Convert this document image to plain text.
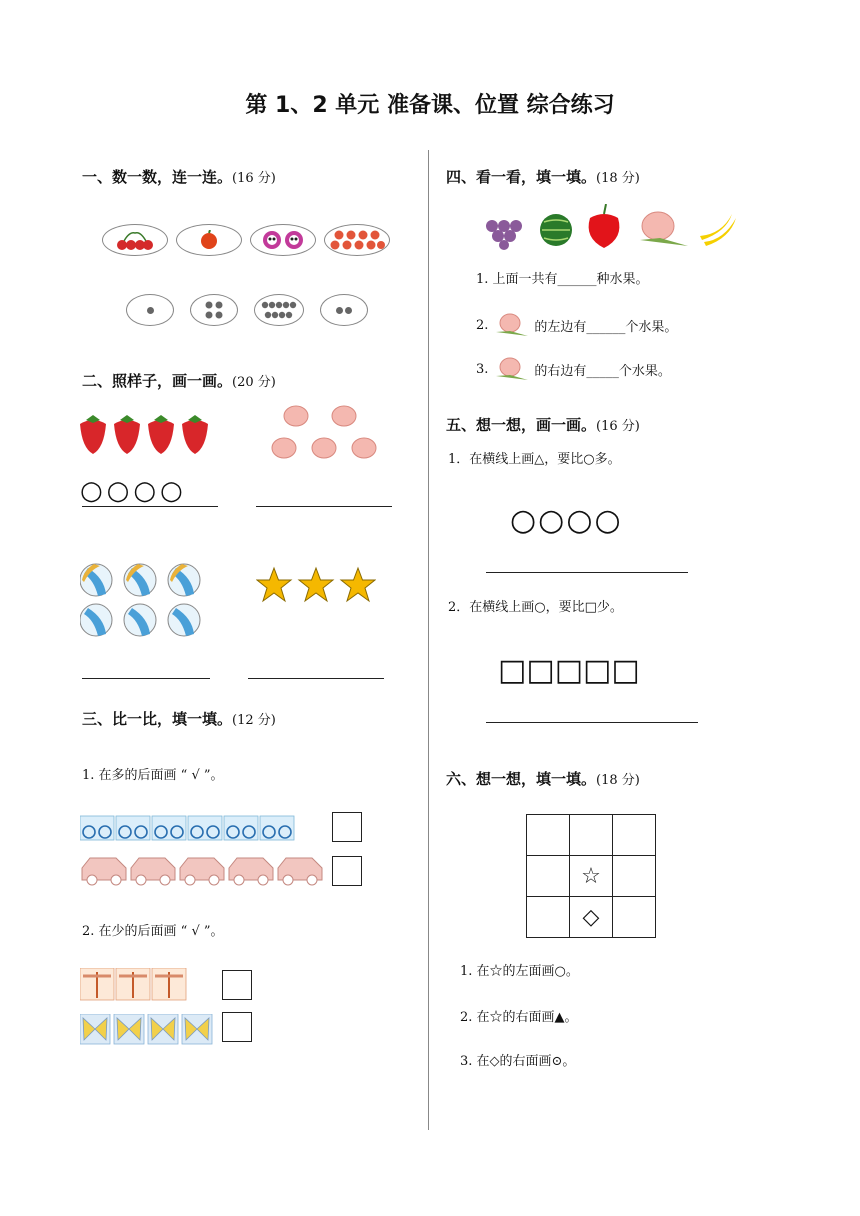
第 1、2 单元 准备课、位置 综合练习
一、数一数，连一连。(16 分)
二、照样子，画一画。(20 分)
○○○○
三、比一比，填一填。(12 分)
1. 在多的后面画 “ √ ”。
2. 在少的后面画 “ √ ”。
四、看一看，填一填。(18 分)
1. 上面一共有______种水果。
2.	的左边有______个水果。
3.	的右边有_____个水果。
五、想一想，画一画。(16 分)
1．在横线上画△，要比○多。
○○○○
2．在横线上画○，要比□少。
□□□□□
六、想一想，填一填。(18 分)

	☆	
	◇	
1. 在☆的左面画○。
2. 在☆的右面画▲。
3. 在◇的右面画⊙。
